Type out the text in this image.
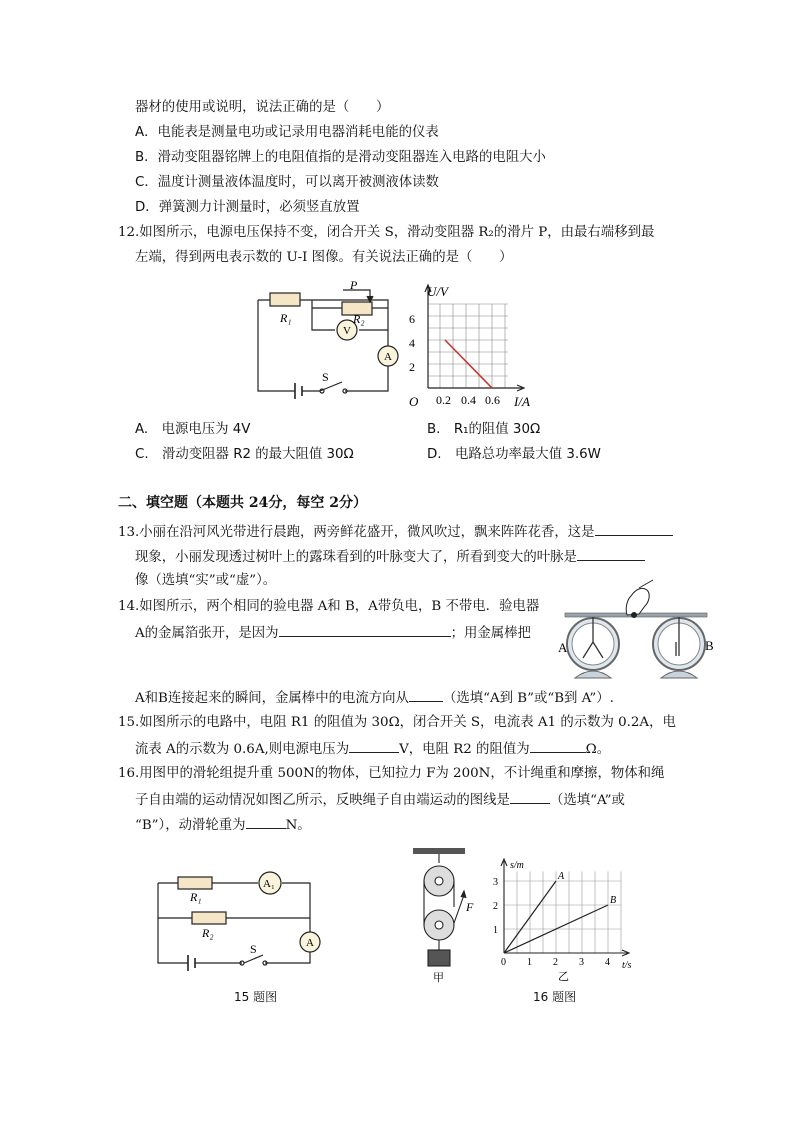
器材的使用或说明，说法正确的是（　　）
A．电能表是测量电功或记录用电器消耗电能的仪表
B．滑动变阻器铭牌上的电阻值指的是滑动变阻器连入电路的电阻大小
C．温度计测量液体温度时，可以离开被测液体读数
D．弹簧测力计测量时，必须竖直放置
12.如图所示，电源电压保持不变，闭合开关 S，滑动变阻器 R₂的滑片 P，由最右端移到最
左端，得到两电表示数的 U-I 图像。有关说法正确的是（　　）
R₁
P
R₂
V
A
S
U/V
I/A
O
6
4
2
0.2 0.4 0.6
A.　电源电压为 4V	B.　R₁的阻值 30Ω
C.　滑动变阻器 R2 的最大阻值 30Ω	D.　电路总功率最大值 3.6W
二、填空题（本题共 24分，每空 2分）
13.小丽在沿河风光带进行晨跑，两旁鲜花盛开，微风吹过，飘来阵阵花香，这是
现象，小丽发现透过树叶上的露珠看到的叶脉变大了，所看到变大的叶脉是
像（选填“实”或“虚”）。
14.如图所示，两个相同的验电器 A和 B，A带负电，B 不带电．验电器
A的金属箔张开，是因为	；用金属棒把
A	B
A和B连接起来的瞬间，金属棒中的电流方向从	（选填“A到 B”或“B到 A”）.
15.如图所示的电路中，电阻 R1 的阻值为 30Ω，闭合开关 S，电流表 A1 的示数为 0.2A，电
流表 A的示数为 0.6A,则电源电压为	V，电阻 R2 的阻值为	Ω。
16.用图甲的滑轮组提升重 500N的物体，已知拉力 F为 200N，不计绳重和摩擦，物体和绳
子自由端的运动情况如图乙所示，反映绳子自由端运动的图线是	（选填“A”或
“B”），动滑轮重为	N。
R₁
R₂
A₁
A
S
15 题图
F
甲
A
B
0 1 2 3 4
3
2
1
s/m
t/s
乙
16 题图
